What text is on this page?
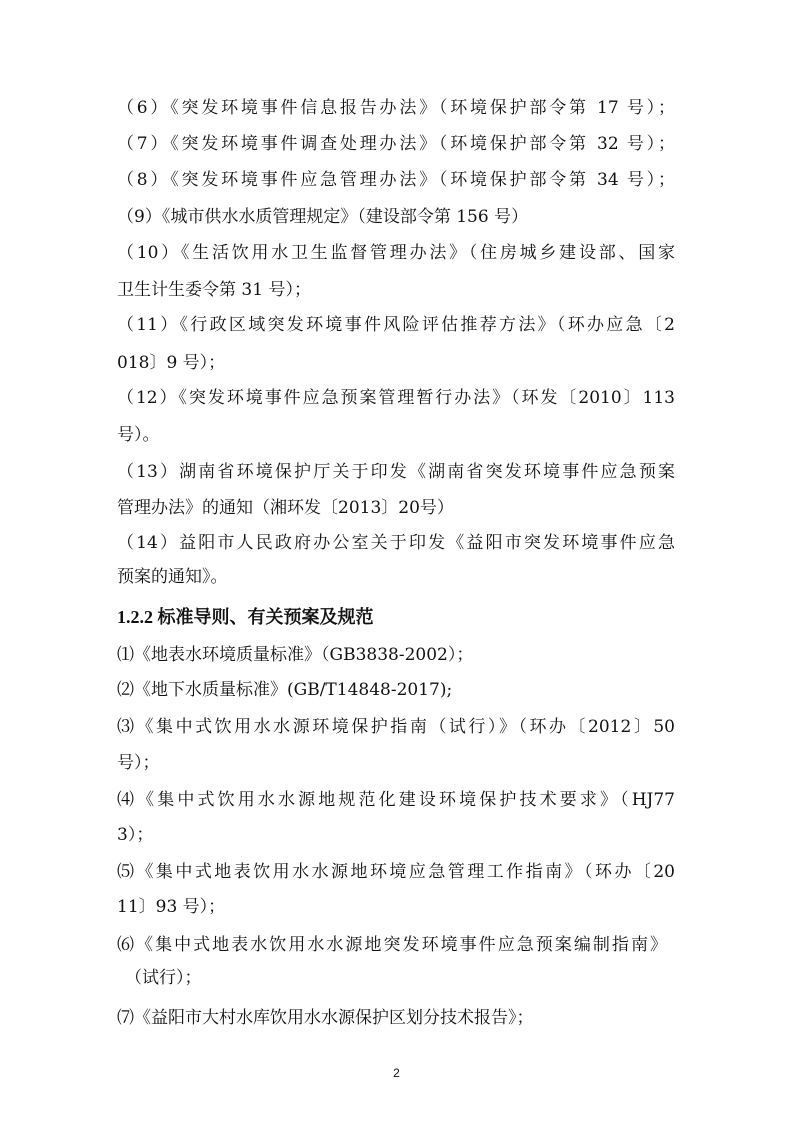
（6）《突发环境事件信息报告办法》（环境保护部令第 17 号）；
（7）《突发环境事件调查处理办法》（环境保护部令第 32 号）；
（8）《突发环境事件应急管理办法》（环境保护部令第 34 号）；
（9）《城市供水水质管理规定》（建设部令第 156 号）
（10）《生活饮用水卫生监督管理办法》（住房城乡建设部、国家
卫生计生委令第 31 号）；
（11）《行政区域突发环境事件风险评估推荐方法》（环办应急〔2
018〕9 号）；
（12）《突发环境事件应急预案管理暂行办法》（环发〔2010〕113
号）。
（13）湖南省环境保护厅关于印发《湖南省突发环境事件应急预案
管理办法》的通知（湘环发〔2013〕20号）
（14）益阳市人民政府办公室关于印发《益阳市突发环境事件应急
预案的通知》。
1.2.2 标准导则、有关预案及规范
⑴《地表水环境质量标准》（GB3838-2002）；
⑵《地下水质量标准》(GB/T14848-2017);
⑶《集中式饮用水水源环境保护指南（试行）》（环办〔2012〕50
号）；
⑷《集中式饮用水水源地规范化建设环境保护技术要求》（HJ77
3）；
⑸《集中式地表饮用水水源地环境应急管理工作指南》（环办〔20
11〕93 号）；
⑹《集中式地表水饮用水水源地突发环境事件应急预案编制指南》
（试行）；
⑺《益阳市大村水库饮用水水源保护区划分技术报告》；
2
